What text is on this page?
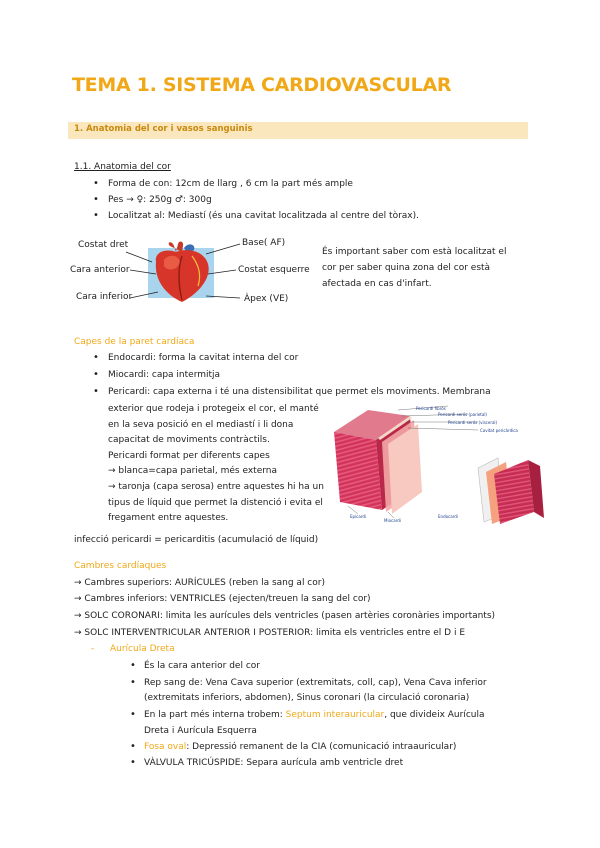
TEMA 1. SISTEMA CARDIOVASCULAR
1. Anatomia del cor i vasos sanguinis
1.1. Anatomia del cor
• Forma de con: 12cm de llarg , 6 cm la part més ample
• Pes → ♀: 250g ♂: 300g
• Localitzat al: Mediastí (és una cavitat localitzada al centre del tòrax).
Costat dret
Cara anterior
Cara inferior
Base( AF)
Costat esquerre
Àpex (VE)
És important saber com està localitzat el
cor per saber quina zona del cor està
afectada en cas d'infart.
Capes de la paret cardíaca
• Endocardi: forma la cavitat interna del cor
• Miocardi: capa intermitja
• Pericardi: capa externa i té una distensibilitat que permet els moviments. Membrana
exterior que rodeja i protegeix el cor, el manté
en la seva posició en el mediastí i li dona
capacitat de moviments contràctils.
Pericardi format per diferents capes
→ blanca=capa parietal, més externa
→ taronja (capa serosa) entre aquestes hi ha un
tipus de líquid que permet la distenció i evita el
fregament entre aquestes.
Pericardi fibrós
Pericardi serós (parietal)
Pericardi serós (visceral)
Cavitat pericàrdica
Epicardi
Miocardi
Endocardi
infecció pericardi = pericarditis (acumulació de líquid)
Cambres cardíaques
→ Cambres superiors: AURÍCULES (reben la sang al cor)
→ Cambres inferiors: VENTRICLES (ejecten/treuen la sang del cor)
→ SOLC CORONARI: limita les aurícules dels ventricles (pasen artèries coronàries importants)
→ SOLC INTERVENTRICULAR ANTERIOR I POSTERIOR: limita els ventricles entre el D i E
- Aurícula Dreta
• És la cara anterior del cor
• Rep sang de: Vena Cava superior (extremitats, coll, cap), Vena Cava inferior
(extremitats inferiors, abdomen), Sinus coronari (la circulació coronaria)
• En la part més interna trobem: Septum interauricular, que divideix Aurícula
Dreta i Aurícula Esquerra
• Fosa oval: Depressió remanent de la CIA (comunicació intraauricular)
• VÀLVULA TRICÚSPIDE: Separa aurícula amb ventricle dret
